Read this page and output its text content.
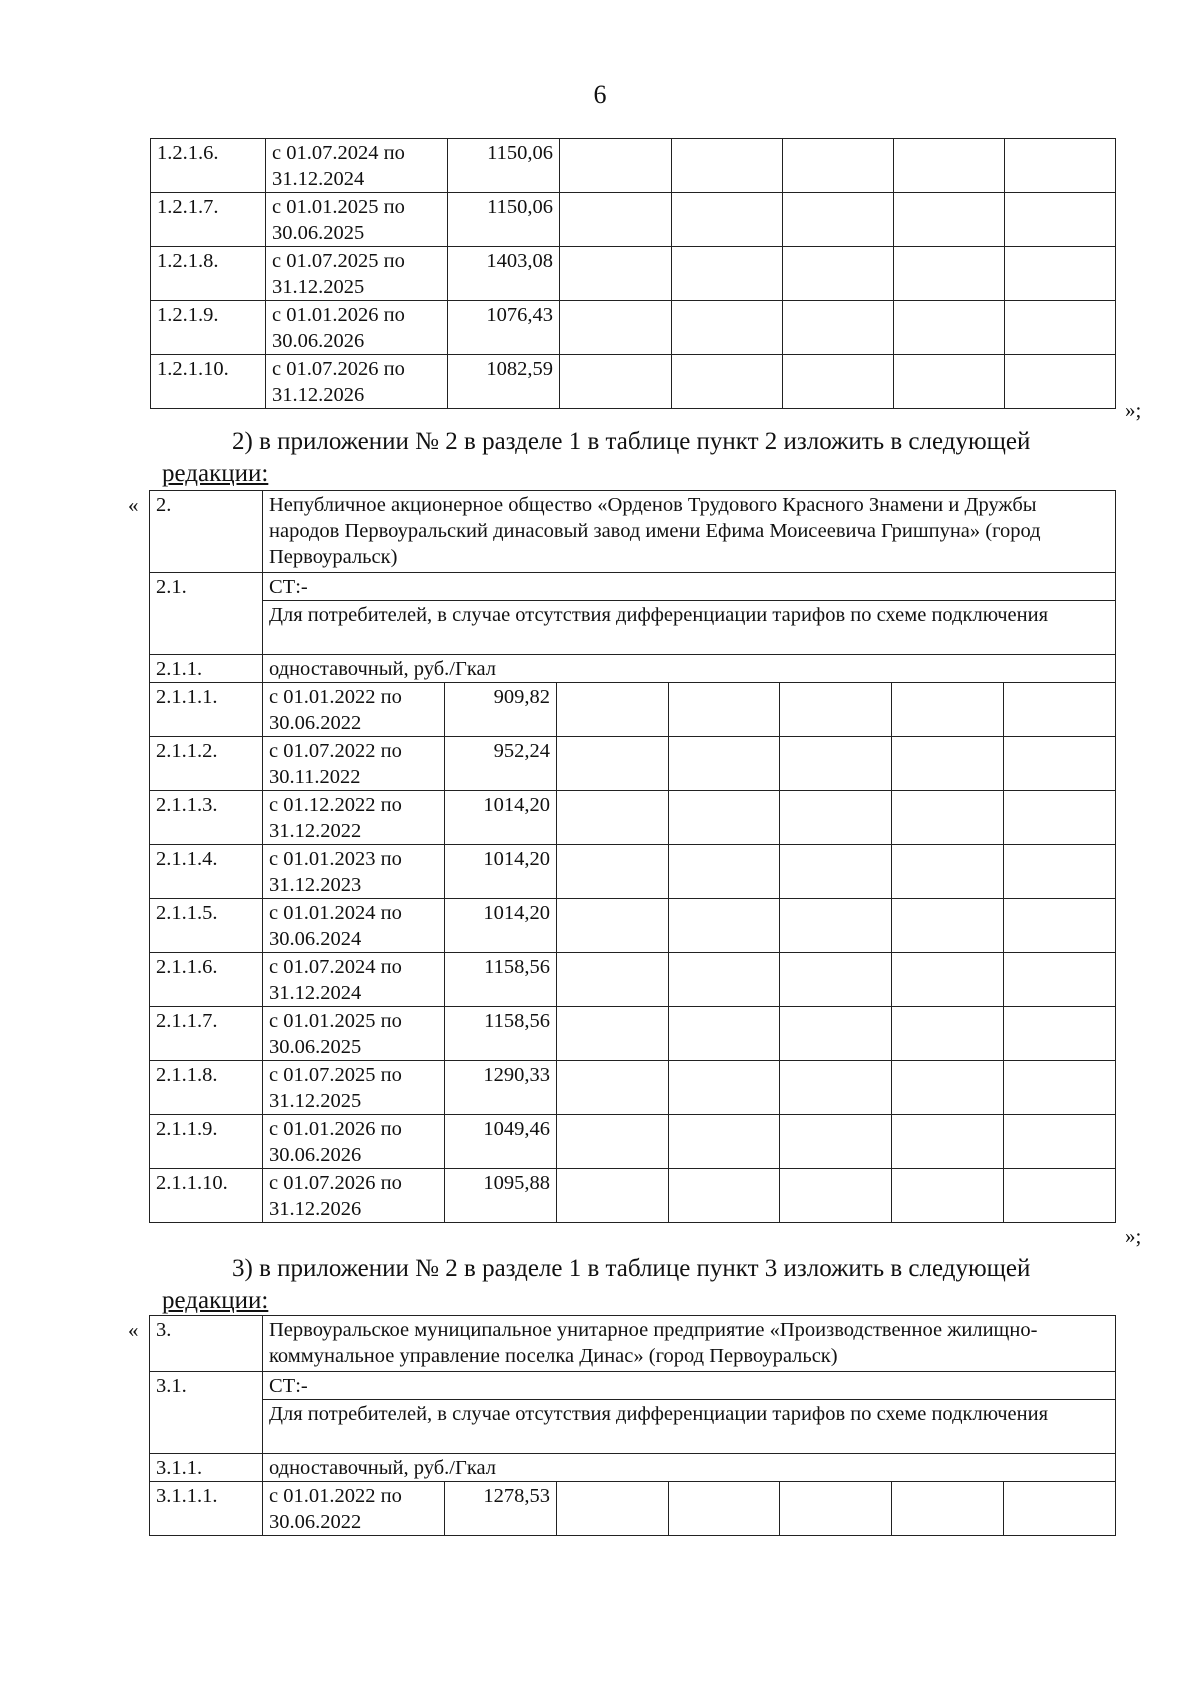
6
1.2.1.6.	с 01.07.2024 по 31.12.2024	1150,06					
1.2.1.7.	с 01.01.2025 по 30.06.2025	1150,06					
1.2.1.8.	с 01.07.2025 по 31.12.2025	1403,08					
1.2.1.9.	с 01.01.2026 по 30.06.2026	1076,43					
1.2.1.10.	с 01.07.2026 по 31.12.2026	1082,59					
»;
2) в приложении № 2 в разделе 1 в таблице пункт 2 изложить в следующей
редакции:
« 2.	Непубличное акционерное общество «Орденов Трудового Красного Знамени и Дружбы народов Первоуральский динасовый завод имени Ефима Моисеевича Гришпуна» (город Первоуральск)						
2.1.	СТ:-						
	Для потребителей, в случае отсутствия дифференциации тарифов по схеме подключения						
2.1.1.	одноставочный, руб./Гкал						
2.1.1.1.	с 01.01.2022 по 30.06.2022	909,82					
2.1.1.2.	с 01.07.2022 по 30.11.2022	952,24					
2.1.1.3.	с 01.12.2022 по 31.12.2022	1014,20					
2.1.1.4.	с 01.01.2023 по 31.12.2023	1014,20					
2.1.1.5.	с 01.01.2024 по 30.06.2024	1014,20					
2.1.1.6.	с 01.07.2024 по 31.12.2024	1158,56					
2.1.1.7.	с 01.01.2025 по 30.06.2025	1158,56					
2.1.1.8.	с 01.07.2025 по 31.12.2025	1290,33					
2.1.1.9.	с 01.01.2026 по 30.06.2026	1049,46					
2.1.1.10.	с 01.07.2026 по 31.12.2026	1095,88					
»;
3) в приложении № 2 в разделе 1 в таблице пункт 3 изложить в следующей
редакции:
« 3.	Первоуральское муниципальное унитарное предприятие «Производственное жилищно-коммунальное управление поселка Динас» (город Первоуральск)						
3.1.	СТ:-						
	Для потребителей, в случае отсутствия дифференциации тарифов по схеме подключения						
3.1.1.	одноставочный, руб./Гкал						
3.1.1.1.	с 01.01.2022 по 30.06.2022	1278,53					
